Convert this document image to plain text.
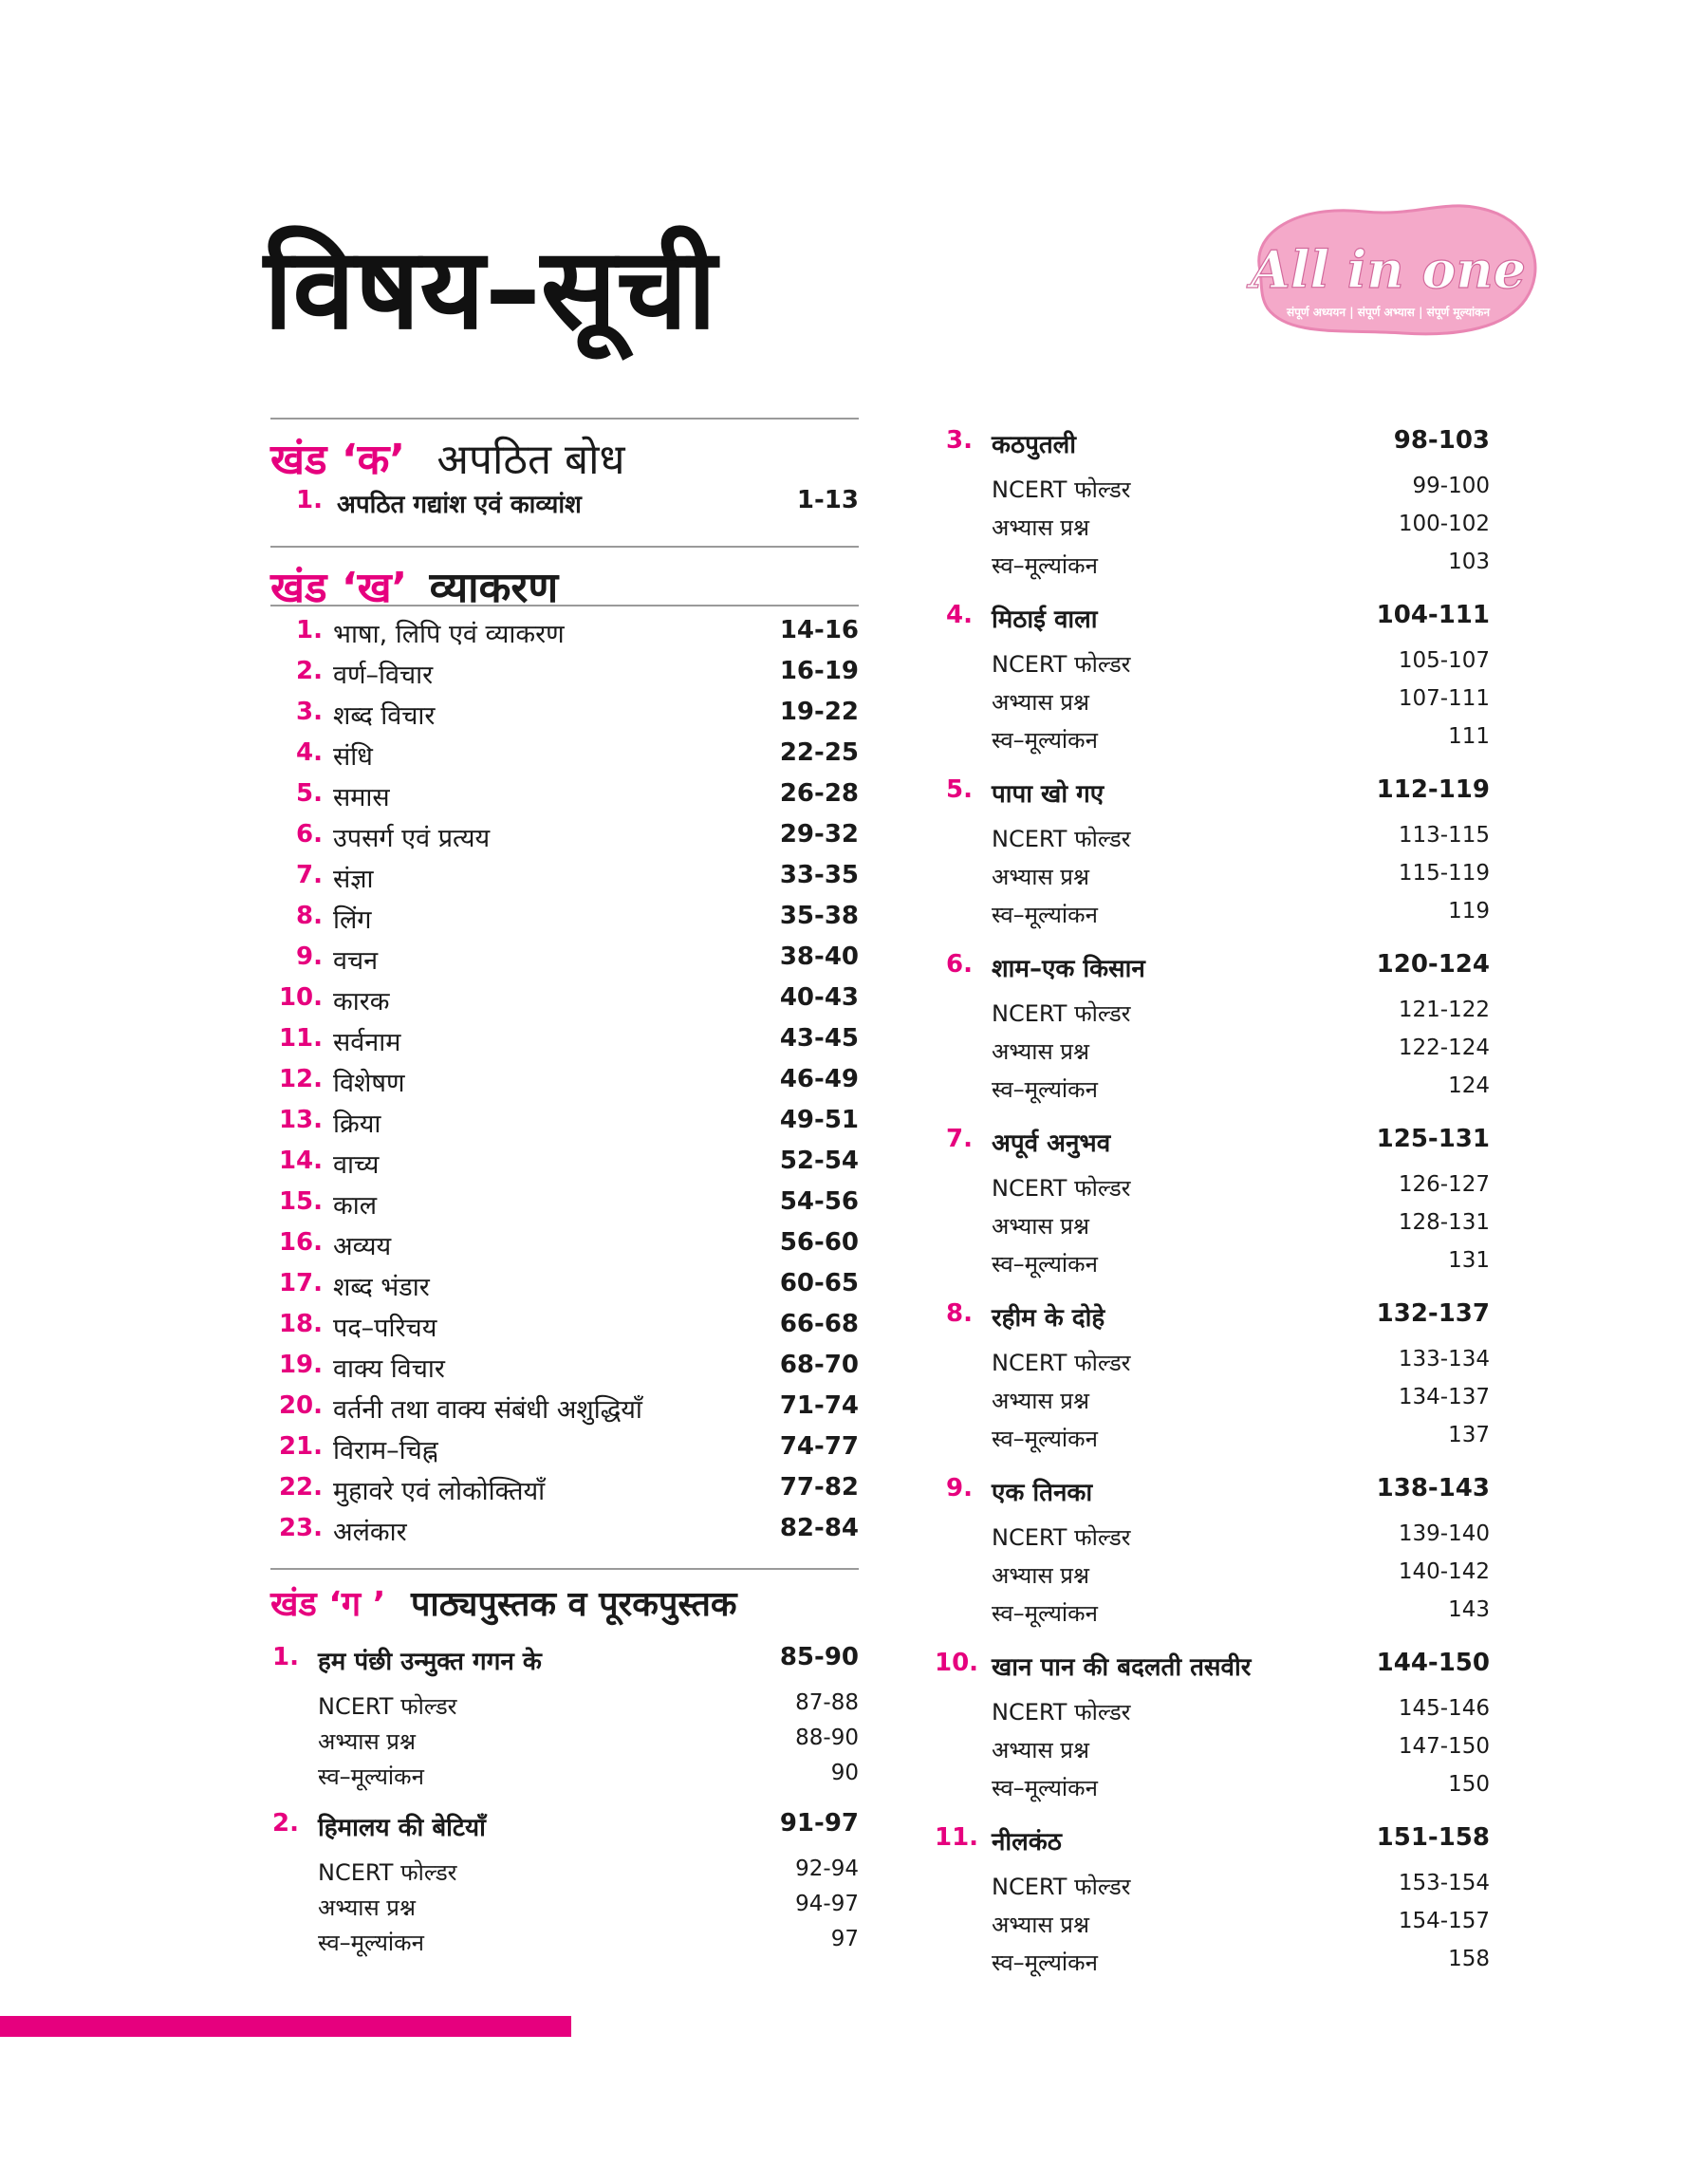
विषय–सूची	All in one
संपूर्ण अध्ययन | संपूर्ण अभ्यास | संपूर्ण मूल्यांकन
खंड ‘क’ अपठित बोध
1. अपठित गद्यांश एवं काव्यांश	1-13
खंड ‘ख’ व्याकरण
1. भाषा, लिपि एवं व्याकरण	14-16
2. वर्ण–विचार	16-19
3. शब्द विचार	19-22
4. संधि	22-25
5. समास	26-28
6. उपसर्ग एवं प्रत्यय	29-32
7. संज्ञा	33-35
8. लिंग	35-38
9. वचन	38-40
10. कारक	40-43
11. सर्वनाम	43-45
12. विशेषण	46-49
13. क्रिया	49-51
14. वाच्य	52-54
15. काल	54-56
16. अव्यय	56-60
17. शब्द भंडार	60-65
18. पद–परिचय	66-68
19. वाक्य विचार	68-70
20. वर्तनी तथा वाक्य संबंधी अशुद्धियाँ	71-74
21. विराम–चिह्न	74-77
22. मुहावरे एवं लोकोक्तियाँ	77-82
23. अलंकार	82-84
खंड ‘ग ’ पाठ्यपुस्तक व पूरकपुस्तक
1. हम पंछी उन्मुक्त गगन के	85-90
NCERT फोल्डर	87-88
अभ्यास प्रश्न	88-90
स्व–मूल्यांकन	90
2. हिमालय की बेटियाँ	91-97
NCERT फोल्डर	92-94
अभ्यास प्रश्न	94-97
स्व–मूल्यांकन	97
3. कठपुतली	98-103
NCERT फोल्डर	99-100
अभ्यास प्रश्न	100-102
स्व–मूल्यांकन	103
4. मिठाई वाला	104-111
NCERT फोल्डर	105-107
अभ्यास प्रश्न	107-111
स्व–मूल्यांकन	111
5. पापा खो गए	112-119
NCERT फोल्डर	113-115
अभ्यास प्रश्न	115-119
स्व–मूल्यांकन	119
6. शाम–एक किसान	120-124
NCERT फोल्डर	121-122
अभ्यास प्रश्न	122-124
स्व–मूल्यांकन	124
7. अपूर्व अनुभव	125-131
NCERT फोल्डर	126-127
अभ्यास प्रश्न	128-131
स्व–मूल्यांकन	131
8. रहीम के दोहे	132-137
NCERT फोल्डर	133-134
अभ्यास प्रश्न	134-137
स्व–मूल्यांकन	137
9. एक तिनका	138-143
NCERT फोल्डर	139-140
अभ्यास प्रश्न	140-142
स्व–मूल्यांकन	143
10. खान पान की बदलती तसवीर	144-150
NCERT फोल्डर	145-146
अभ्यास प्रश्न	147-150
स्व–मूल्यांकन	150
11. नीलकंठ	151-158
NCERT फोल्डर	153-154
अभ्यास प्रश्न	154-157
स्व–मूल्यांकन	158
